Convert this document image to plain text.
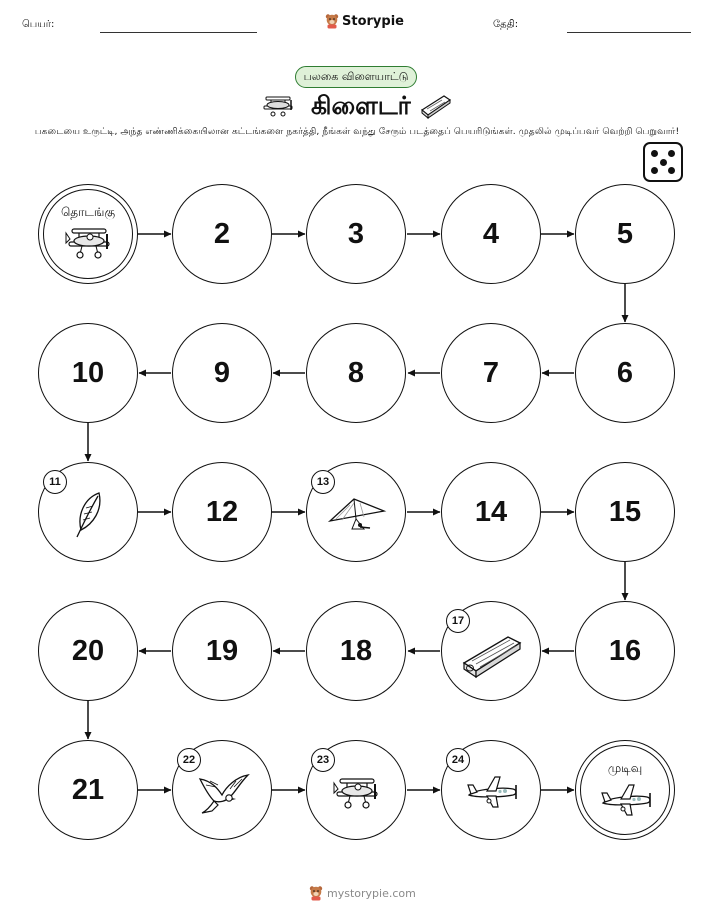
பெயர்:	Storypie	தேதி:
பலகை விளையாட்டு
கிளைடர்
பகடையை உருட்டி, அந்த எண்ணிக்கையிலான கட்டங்களை நகர்த்தி, நீங்கள் வந்து சேரும் படத்தைப் பெயரிடுங்கள். முதலில் முடிப்பவர் வெற்றி பெறுவார்!
தொடங்கு
2	3	4	5
6
7
8
9
10
11
12
13
14	15
16
17
18
19
20
21
22	23	24
முடிவு
mystorypie.com
